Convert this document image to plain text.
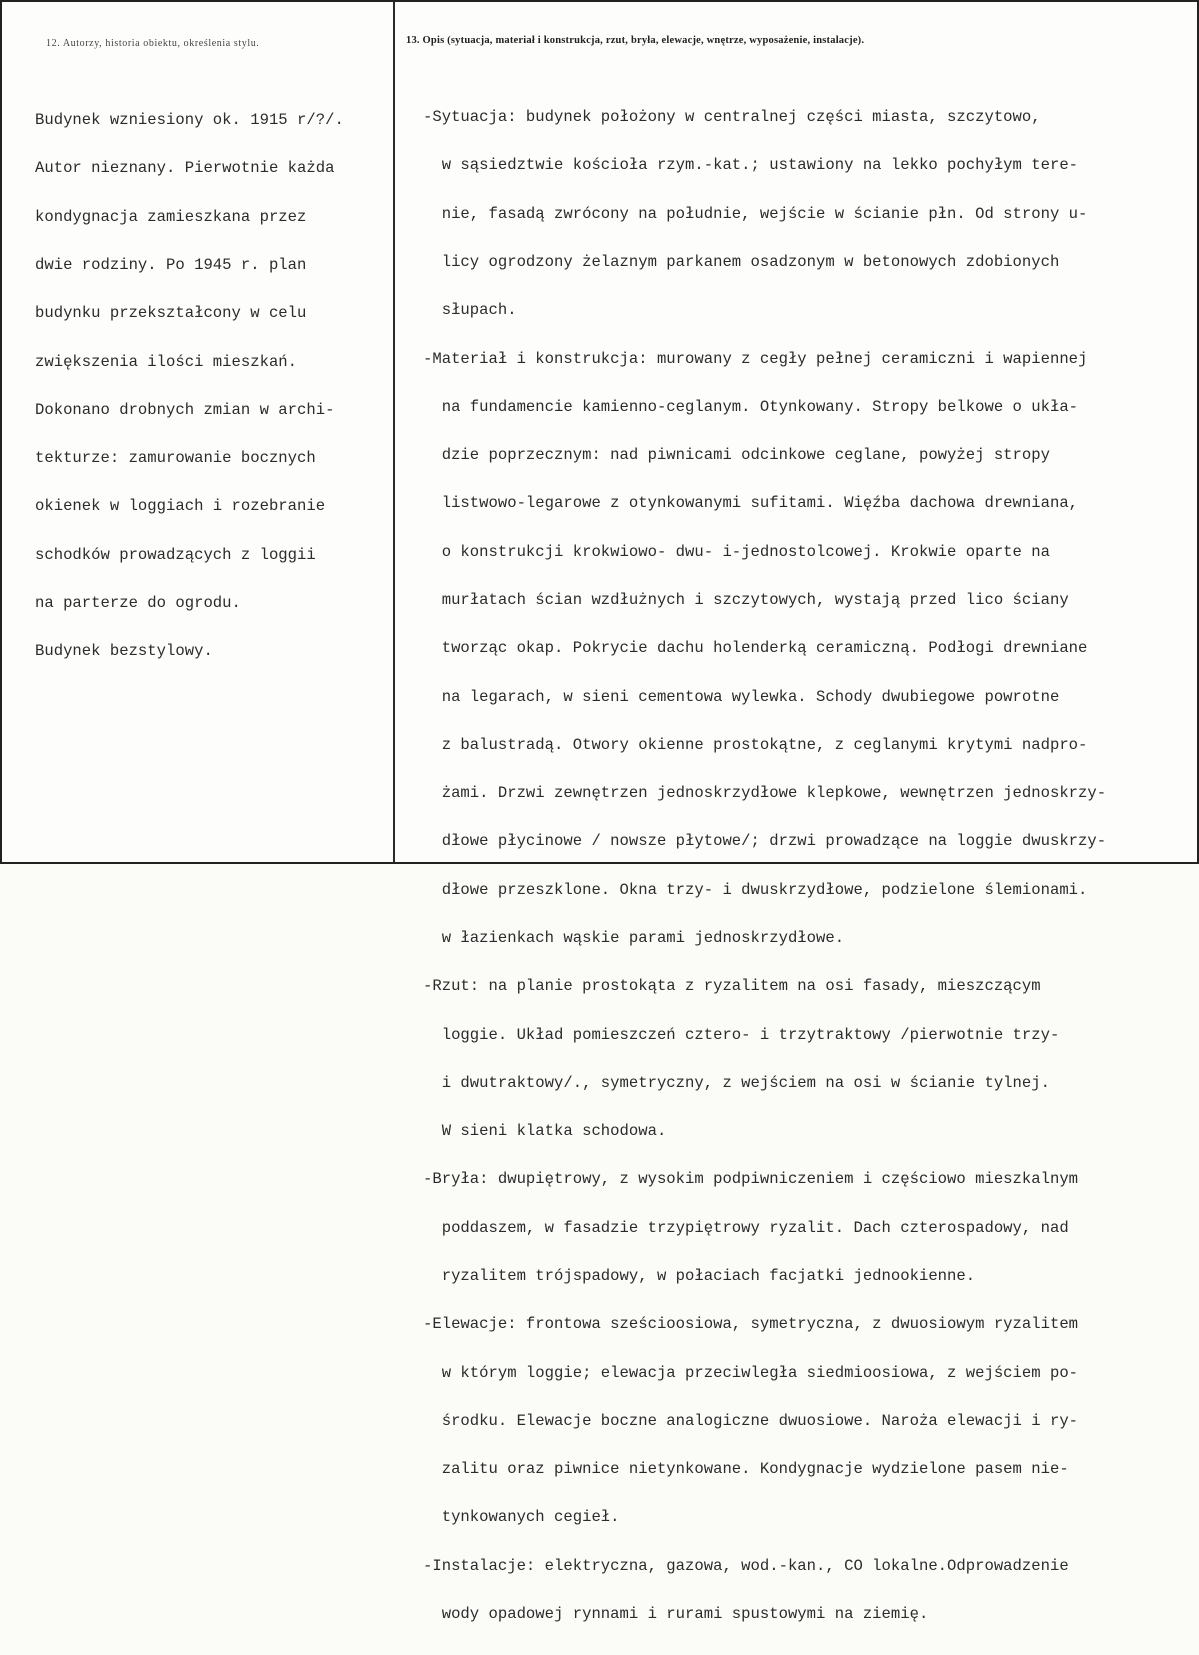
12. Autorzy, historia obiektu, określenia stylu.	13. Opis (sytuacja, materiał i konstrukcja, rzut, bryła, elewacje, wnętrze, wyposażenie, instalacje).

Budynek wzniesiony ok. 1915 r/?/.

Autor nieznany. Pierwotnie każda

kondygnacja zamieszkana przez

dwie rodziny. Po 1945 r. plan

budynku przekształcony w celu

zwiększenia ilości mieszkań.

Dokonano drobnych zmian w archi-

tekturze: zamurowanie bocznych

okienek w loggiach i rozebranie

schodków prowadzących z loggii

na parterze do ogrodu.

Budynek bezstylowy.

-Sytuacja: budynek położony w centralnej części miasta, szczytowo,

w sąsiedztwie kościoła rzym.-kat.; ustawiony na lekko pochyłym tere-

nie, fasadą zwrócony na południe, wejście w ścianie płn. Od strony u-

licy ogrodzony żelaznym parkanem osadzonym w betonowych zdobionych

słupach.

-Materiał i konstrukcja: murowany z cegły pełnej ceramiczni i wapiennej

na fundamencie kamienno-ceglanym. Otynkowany. Stropy belkowe o ukła-

dzie poprzecznym: nad piwnicami odcinkowe ceglane, powyżej stropy

listwowo-legarowe z otynkowanymi sufitami. Więźba dachowa drewniana,

o konstrukcji krokwiowo- dwu- i-jednostolcowej. Krokwie oparte na

murłatach ścian wzdłużnych i szczytowych, wystają przed lico ściany

tworząc okap. Pokrycie dachu holenderką ceramiczną. Podłogi drewniane

na legarach, w sieni cementowa wylewka. Schody dwubiegowe powrotne

z balustradą. Otwory okienne prostokątne, z ceglanymi krytymi nadpro-

żami. Drzwi zewnętrzen jednoskrzydłowe klepkowe, wewnętrzen jednoskrzy-

dłowe płycinowe / nowsze płytowe/; drzwi prowadzące na loggie dwuskrzy-

dłowe przeszklone. Okna trzy- i dwuskrzydłowe, podzielone ślemionami.

w łazienkach wąskie parami jednoskrzydłowe.

-Rzut: na planie prostokąta z ryzalitem na osi fasady, mieszczącym

loggie. Układ pomieszczeń cztero- i trzytraktowy /pierwotnie trzy-

i dwutraktowy/., symetryczny, z wejściem na osi w ścianie tylnej.

W sieni klatka schodowa.

-Bryła: dwupiętrowy, z wysokim podpiwniczeniem i częściowo mieszkalnym

poddaszem, w fasadzie trzypiętrowy ryzalit. Dach czterospadowy, nad

ryzalitem trójspadowy, w połaciach facjatki jednookienne.

-Elewacje: frontowa sześcioosiowa, symetryczna, z dwuosiowym ryzalitem

w którym loggie; elewacja przeciwległa siedmioosiowa, z wejściem po-

środku. Elewacje boczne analogiczne dwuosiowe. Naroża elewacji i ry-

zalitu oraz piwnice nietynkowane. Kondygnacje wydzielone pasem nie-

tynkowanych cegieł.

-Instalacje: elektryczna, gazowa, wod.-kan., CO lokalne.Odprowadzenie

wody opadowej rynnami i rurami spustowymi na ziemię.
